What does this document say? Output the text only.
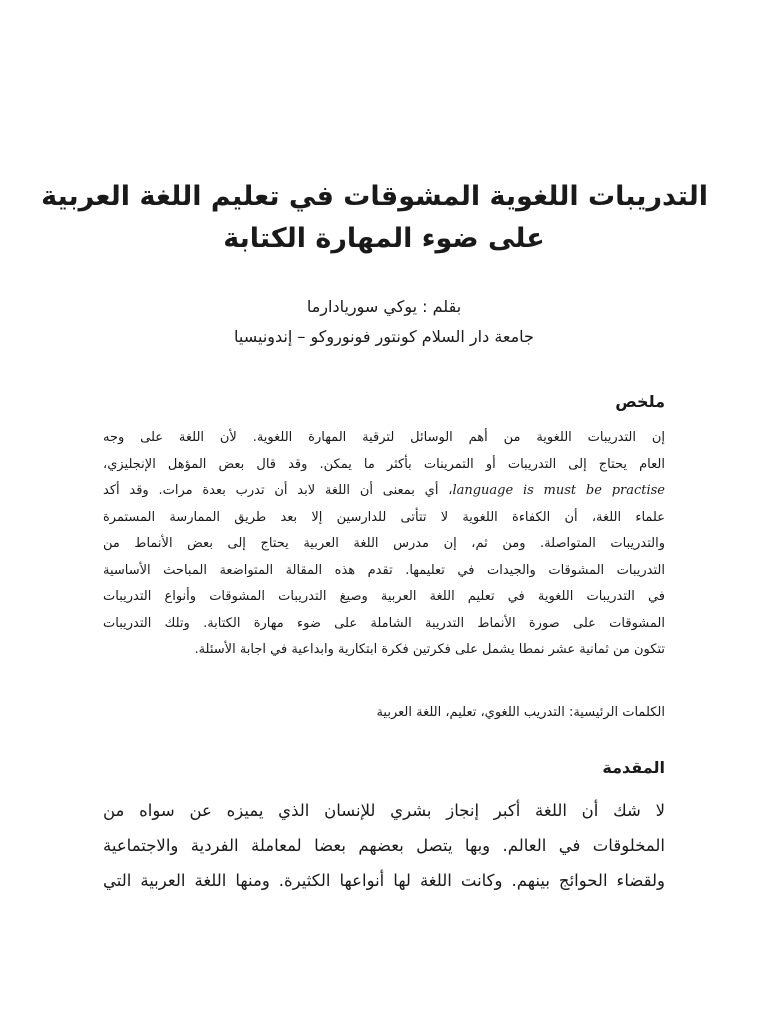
التدريبات اللغوية المشوقات في تعليم اللغة العربية
على ضوء المهارة الكتابة
بقلم : يوكي سوريادارما
جامعة دار السلام كونتور فونوروكو – إندونيسيا
ملخص
إن التدريبات اللغوية من أهم الوسائل لترقية المهارة اللغوية. لأن اللغة على وجه
العام يحتاج إلى التدريبات أو التمرينات بأكثر ما يمكن. وقد قال بعض المؤهل الإنجليزي،
language is must be practise، أي بمعنى أن اللغة لابد أن تدرب بعدة مرات. وقد أكد
علماء اللغة، أن الكفاءة اللغوية لا تتأتى للدارسين إلا بعد طريق الممارسة المستمرة
والتدريبات المتواصلة. ومن ثم، إن مدرس اللغة العربية يحتاج إلى بعض الأنماط من
التدريبات المشوقات والجيدات في تعليمها. تقدم هذه المقالة المتواضعة المباحث الأساسية
في التدريبات اللغوية في تعليم اللغة العربية وصيغ التدريبات المشوقات وأنواع التدريبات
المشوقات على صورة الأنماط التدريبة الشاملة على ضوء مهارة الكتابة. وتلك التدريبات
تتكون من ثمانية عشر نمطا يشمل على فكرتين فكرة ابتكارية وابداعية في اجابة الأسئلة.
الكلمات الرئيسية: التدريب اللغوي، تعليم، اللغة العربية
المقدمة
لا شك أن اللغة أكبر إنجاز بشري للإنسان الذي يميزه عن سواه من
المخلوقات في العالم. وبها يتصل بعضهم بعضا لمعاملة الفردية والاجتماعية
ولقضاء الحوائج بينهم. وكانت اللغة لها أنواعها الكثيرة. ومنها اللغة العربية التي
